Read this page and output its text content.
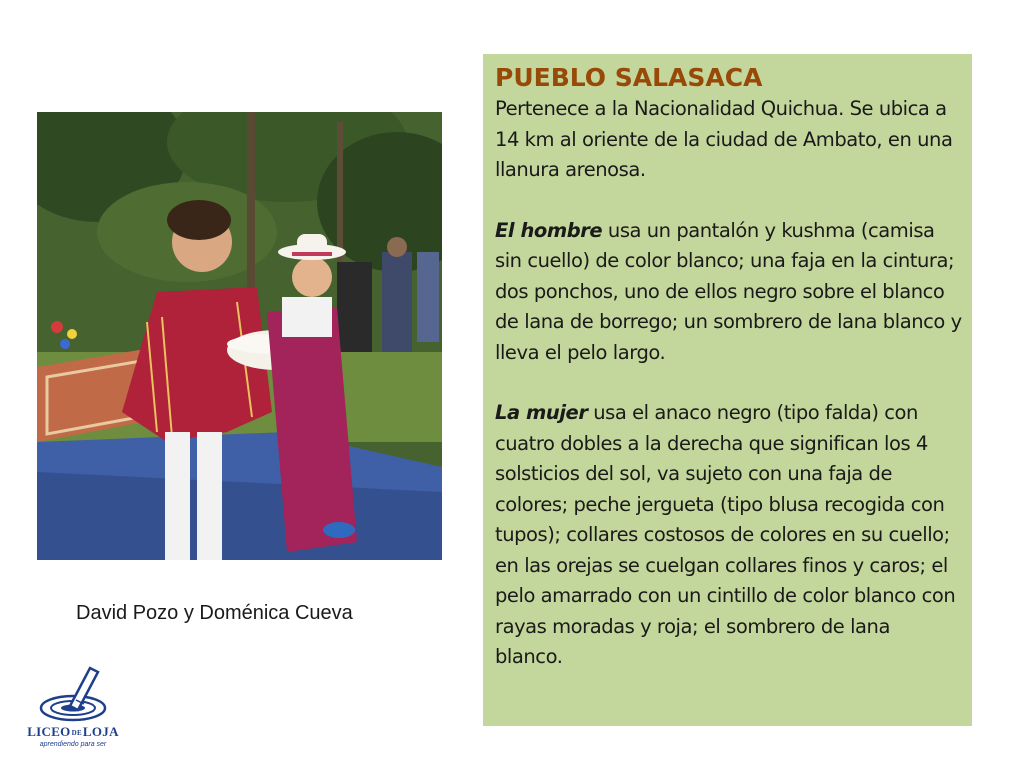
David Pozo y Doménica Cueva
LICEODELOJA
aprendiendo para ser

PUEBLO SALASACA

Pertenece a la Nacionalidad Quichua. Se ubica a 14 km al oriente de la ciudad de Ambato, en una llanura arenosa.

El hombre usa un pantalón y kushma (camisa sin cuello) de color blanco; una faja en la cintura; dos ponchos, uno de ellos negro sobre el blanco de lana de borrego; un sombrero de lana blanco y lleva el pelo largo.

La mujer usa el anaco negro (tipo falda) con cuatro dobles a la derecha que significan los 4 solsticios del sol, va sujeto con una faja de colores; peche jergueta (tipo blusa recogida con tupos); collares costosos de colores en su cuello; en las orejas se cuelgan collares finos y caros; el pelo amarrado con un cintillo de color blanco con rayas moradas y roja; el sombrero de lana blanco.
